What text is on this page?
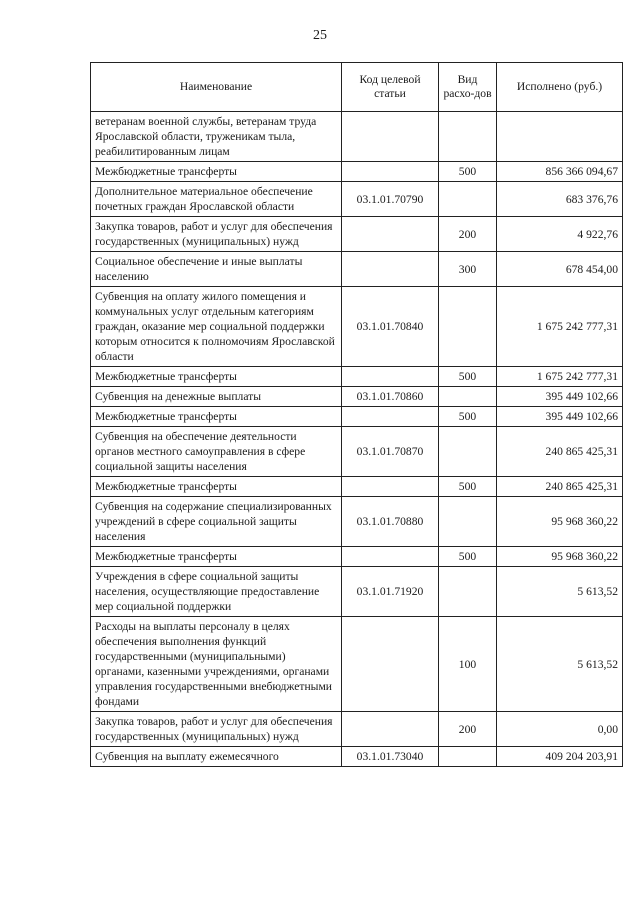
25
Наименование	Код целевой статьи	Вид расхо-дов	Исполнено (руб.)
ветеранам военной службы, ветеранам труда Ярославской области, труженикам тыла, реабилитированным лицам			
Межбюджетные трансферты		500	856 366 094,67
Дополнительное материальное обеспечение почетных граждан Ярославской области	03.1.01.70790		683 376,76
Закупка товаров, работ и услуг для обеспечения государственных (муниципальных) нужд		200	4 922,76
Социальное обеспечение и иные выплаты населению		300	678 454,00
Субвенция на оплату жилого помещения и коммунальных услуг отдельным категориям граждан, оказание мер социальной поддержки которым относится к полномочиям Ярославской области	03.1.01.70840		1 675 242 777,31
Межбюджетные трансферты		500	1 675 242 777,31
Субвенция на денежные выплаты	03.1.01.70860		395 449 102,66
Межбюджетные трансферты		500	395 449 102,66
Субвенция на обеспечение деятельности органов местного самоуправления в сфере социальной защиты населения	03.1.01.70870		240 865 425,31
Межбюджетные трансферты		500	240 865 425,31
Субвенция на содержание специализированных учреждений в сфере социальной защиты населения	03.1.01.70880		95 968 360,22
Межбюджетные трансферты		500	95 968 360,22
Учреждения в сфере социальной защиты населения, осуществляющие предоставление мер социальной поддержки	03.1.01.71920		5 613,52
Расходы на выплаты персоналу в целях обеспечения выполнения функций государственными (муниципальными) органами, казенными учреждениями, органами управления государственными внебюджетными фондами		100	5 613,52
Закупка товаров, работ и услуг для обеспечения государственных (муниципальных) нужд		200	0,00
Субвенция на выплату ежемесячного	03.1.01.73040		409 204 203,91
